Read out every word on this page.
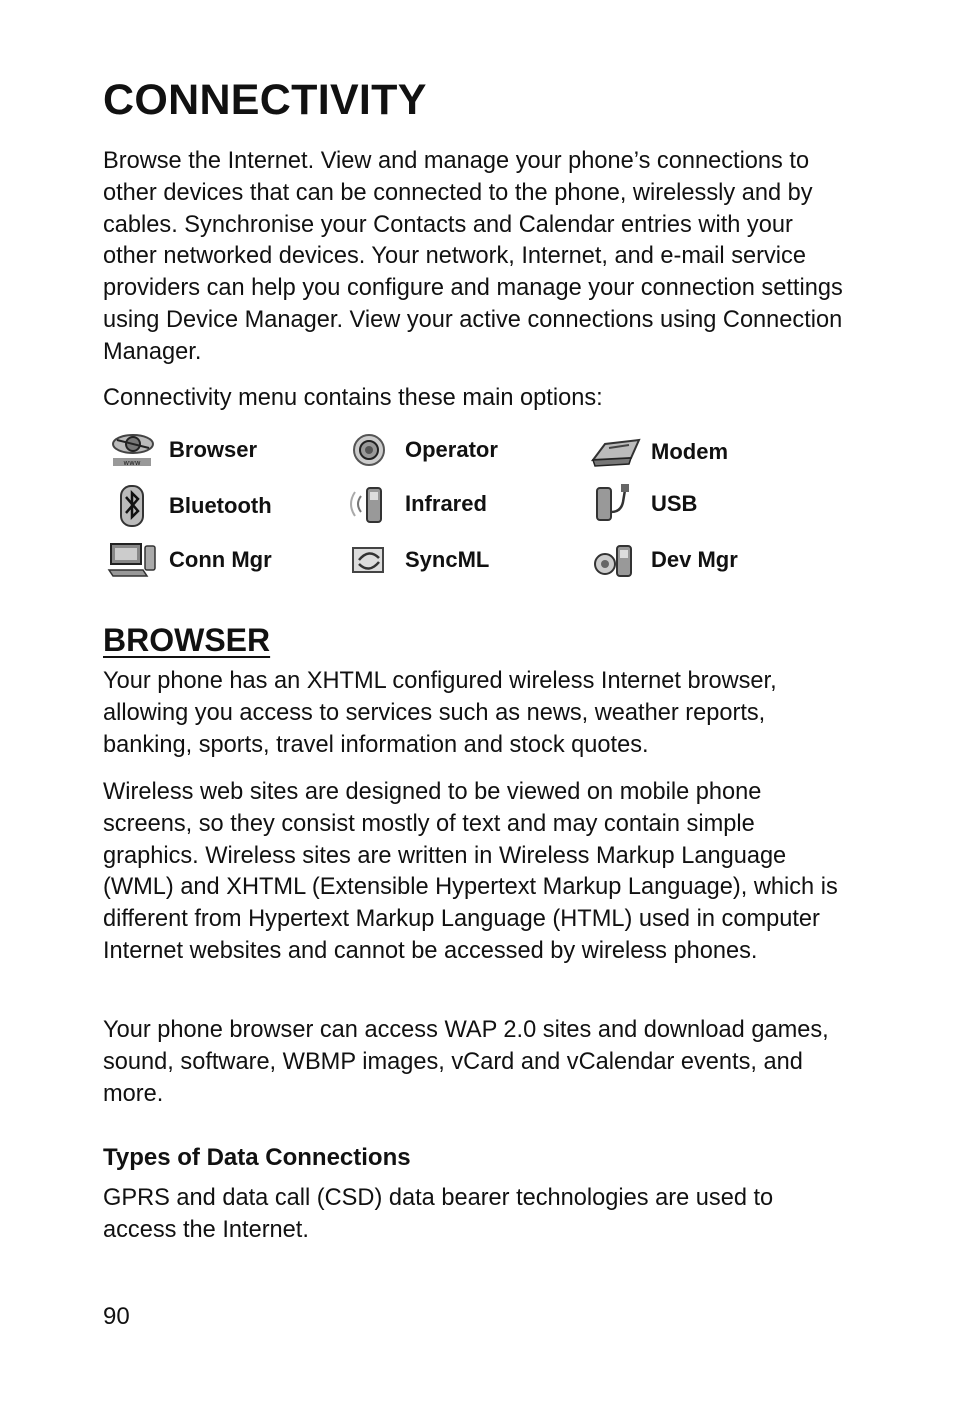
CONNECTIVITY

Browse the Internet. View and manage your phone’s connections to other devices that can be connected to the phone, wirelessly and by cables. Synchronise your Contacts and Calendar entries with your other networked devices. Your network, Internet, and e-mail service providers can help you configure and manage your connection settings using Device Manager. View your active connections using Connection Manager.

Connectivity menu contains these main options:

www
Browser	Operator	Modem
Bluetooth	Infrared	USB
Conn Mgr	SyncML	Dev Mgr
BROWSER

Your phone has an XHTML configured wireless Internet browser, allowing you access to services such as news, weather reports, banking, sports, travel information and stock quotes.

Wireless web sites are designed to be viewed on mobile phone screens, so they consist mostly of text and may contain simple graphics. Wireless sites are written in Wireless Markup Language (WML) and XHTML (Extensible Hypertext Markup Language), which is different from Hypertext Markup Language (HTML) used in computer Internet websites and cannot be accessed by wireless phones.

Your phone browser can access WAP 2.0 sites and download games, sound, software, WBMP images, vCard and vCalendar events, and more.

Types of Data Connections

GPRS and data call (CSD) data bearer technologies are used to access the Internet.

90
